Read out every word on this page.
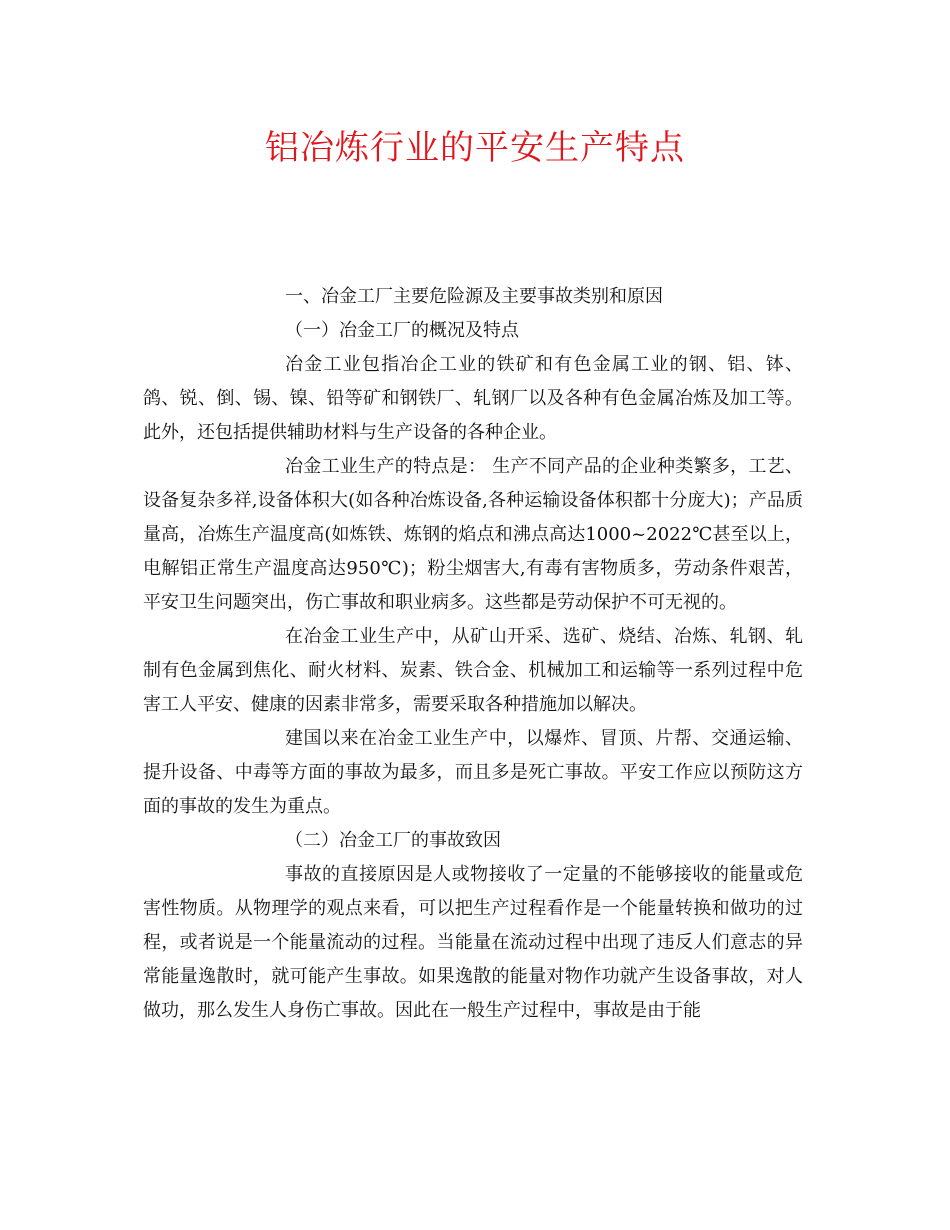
铝冶炼行业的平安生产特点

一、冶金工厂主要危险源及主要事故类别和原因

（一）冶金工厂的概况及特点

冶金工业包指冶企工业的铁矿和有色金属工业的钢、铝、钵、鸽、锐、倒、锡、镍、铅等矿和钢铁厂、轧钢厂以及各种有色金属冶炼及加工等。此外，还包括提供辅助材料与生产设备的各种企业。

冶金工业生产的特点是： 生产不同产品的企业种类繁多，工艺、设备复杂多祥,设备体积大(如各种冶炼设备,各种运输设备体积都十分庞大)；产品质量高，冶炼生产温度高(如炼铁、炼钢的焰点和沸点高达1000~2022℃甚至以上，电解铝正常生产温度高达950℃)；粉尘烟害大,有毒有害物质多，劳动条件艰苦，平安卫生问题突出，伤亡事故和职业病多。这些都是劳动保护不可无视的。

在冶金工业生产中，从矿山开采、选矿、烧结、冶炼、轧钢、轧制有色金属到焦化、耐火材料、炭素、铁合金、机械加工和运输等一系列过程中危害工人平安、健康的因素非常多，需要采取各种措施加以解决。

建国以来在冶金工业生产中，以爆炸、冒顶、片帮、交通运输、提升设备、中毒等方面的事故为最多，而且多是死亡事故。平安工作应以预防这方面的事故的发生为重点。

（二）冶金工厂的事故致因

事故的直接原因是人或物接收了一定量的不能够接收的能量或危害性物质。从物理学的观点来看，可以把生产过程看作是一个能量转换和做功的过程，或者说是一个能量流动的过程。当能量在流动过程中出现了违反人们意志的异常能量逸散时，就可能产生事故。如果逸散的能量对物作功就产生设备事故，对人做功，那么发生人身伤亡事故。因此在一般生产过程中，事故是由于能
